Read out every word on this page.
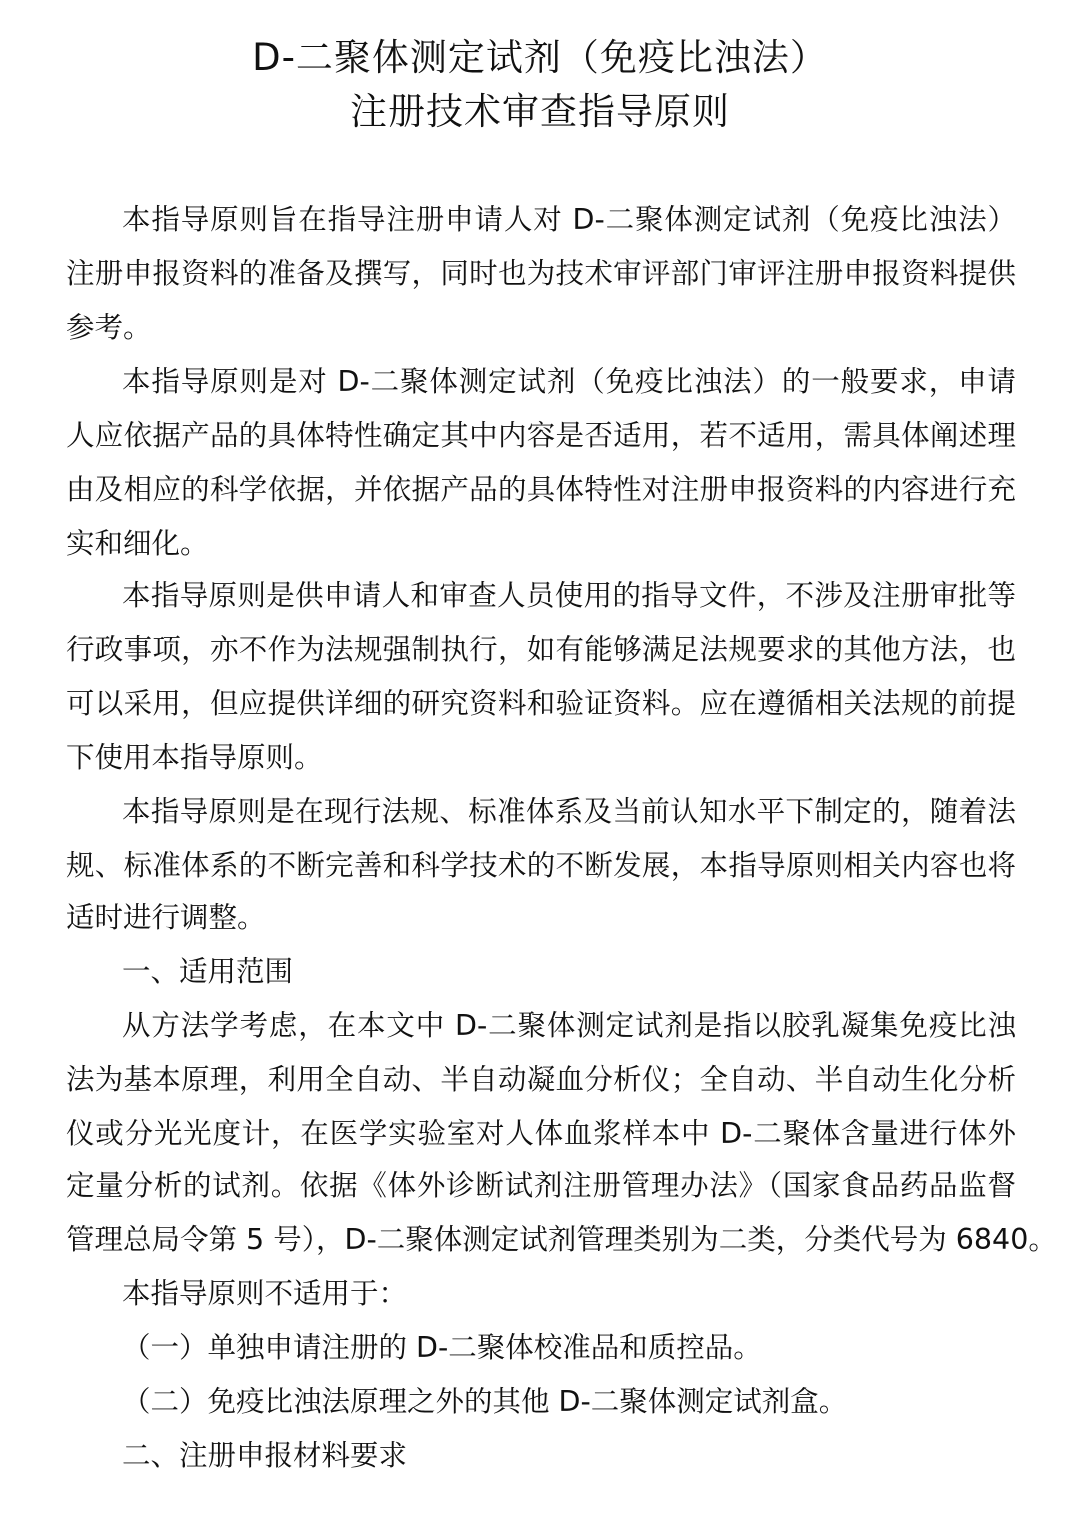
D-二聚体测定试剂（免疫比浊法）
注册技术审查指导原则
本指导原则旨在指导注册申请人对 D-二聚体测定试剂（免疫比浊法）
注册申报资料的准备及撰写，同时也为技术审评部门审评注册申报资料提供
参考。
本指导原则是对 D-二聚体测定试剂（免疫比浊法）的一般要求，申请
人应依据产品的具体特性确定其中内容是否适用，若不适用，需具体阐述理
由及相应的科学依据，并依据产品的具体特性对注册申报资料的内容进行充
实和细化。
本指导原则是供申请人和审查人员使用的指导文件，不涉及注册审批等
行政事项，亦不作为法规强制执行，如有能够满足法规要求的其他方法，也
可以采用，但应提供详细的研究资料和验证资料。应在遵循相关法规的前提
下使用本指导原则。
本指导原则是在现行法规、标准体系及当前认知水平下制定的，随着法
规、标准体系的不断完善和科学技术的不断发展，本指导原则相关内容也将
适时进行调整。
一、适用范围
从方法学考虑，在本文中 D-二聚体测定试剂是指以胶乳凝集免疫比浊
法为基本原理，利用全自动、半自动凝血分析仪；全自动、半自动生化分析
仪或分光光度计，在医学实验室对人体血浆样本中 D-二聚体含量进行体外
定量分析的试剂。依据《体外诊断试剂注册管理办法》（国家食品药品监督
管理总局令第 5 号），D-二聚体测定试剂管理类别为二类，分类代号为 6840。
本指导原则不适用于：
（一）单独申请注册的 D-二聚体校准品和质控品。
（二）免疫比浊法原理之外的其他 D-二聚体测定试剂盒。
二、注册申报材料要求
